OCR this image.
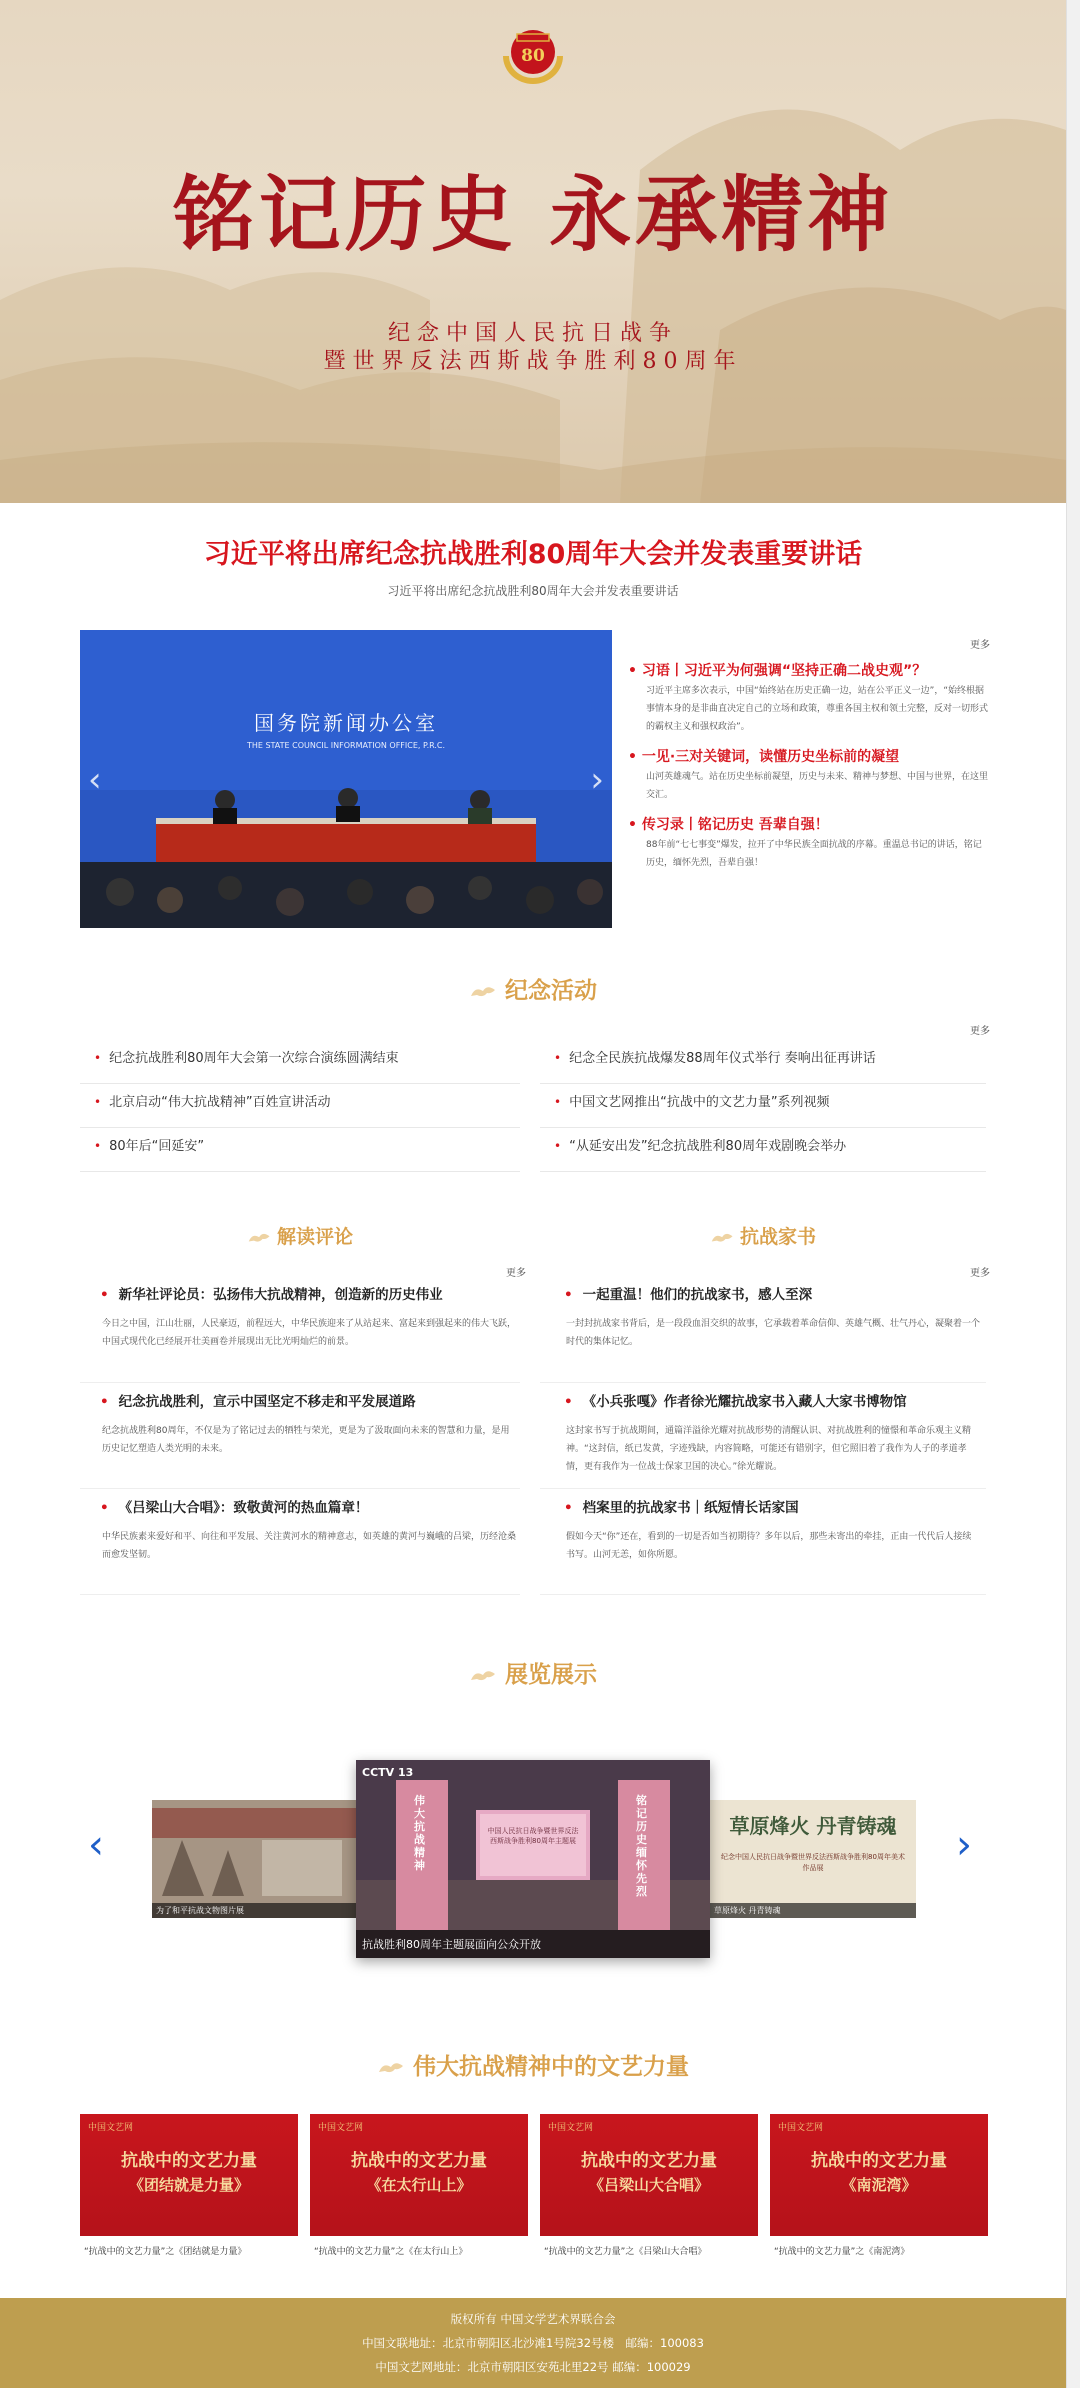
80
铭记历史 永承精神
纪念中国人民抗日战争
暨世界反法西斯战争胜利80周年
习近平将出席纪念抗战胜利80周年大会并发表重要讲话
习近平将出席纪念抗战胜利80周年大会并发表重要讲话
国务院新闻办公室
THE STATE COUNCIL INFORMATION OFFICE, P.R.C.
‹	›
更多
• 习语丨习近平为何强调“坚持正确二战史观”？

习近平主席多次表示，中国“始终站在历史正确一边，站在公平正义一边”，“始终根据事情本身的是非曲直决定自己的立场和政策，尊重各国主权和领土完整，反对一切形式的霸权主义和强权政治”。

• 一见·三对关键词，读懂历史坐标前的凝望

山河英雄魂气。站在历史坐标前凝望，历史与未来、精神与梦想、中国与世界，在这里交汇。

• 传习录丨铭记历史 吾辈自强！

88年前“七七事变”爆发，拉开了中华民族全面抗战的序幕。重温总书记的讲话，铭记历史，缅怀先烈，吾辈自强！

纪念活动
更多
• 纪念抗战胜利80周年大会第一次综合演练圆满结束	• 纪念全民族抗战爆发88周年仪式举行 奏响出征再讲话
• 北京启动“伟大抗战精神”百姓宣讲活动	• 中国文艺网推出“抗战中的文艺力量”系列视频
• 80年后“回延安”	• “从延安出发”纪念抗战胜利80周年戏剧晚会举办
解读评论
更多
• 新华社评论员：弘扬伟大抗战精神，创造新的历史伟业

今日之中国，江山壮丽，人民豪迈，前程远大，中华民族迎来了从站起来、富起来到强起来的伟大飞跃，中国式现代化已经展开壮美画卷并展现出无比光明灿烂的前景。

• 纪念抗战胜利，宣示中国坚定不移走和平发展道路

纪念抗战胜利80周年，不仅是为了铭记过去的牺牲与荣光，更是为了汲取面向未来的智慧和力量，是用历史记忆塑造人类光明的未来。

• 《吕梁山大合唱》：致敬黄河的热血篇章！

中华民族素来爱好和平、向往和平发展、关注黄河水的精神意志，如英雄的黄河与巍峨的吕梁，历经沧桑而愈发坚韧。

抗战家书
更多
• 一起重温！他们的抗战家书，感人至深

一封封抗战家书背后，是一段段血泪交织的故事，它承载着革命信仰、英雄气概、壮气丹心，凝聚着一个时代的集体记忆。

• 《小兵张嘎》作者徐光耀抗战家书入藏人大家书博物馆

这封家书写于抗战期间，通篇洋溢徐光耀对抗战形势的清醒认识、对抗战胜利的憧憬和革命乐观主义精神。“这封信，纸已发黄，字迹残缺，内容简略，可能还有错别字，但它照旧着了我作为人子的孝道孝情，更有我作为一位战士保家卫国的决心。”徐光耀说。

• 档案里的抗战家书｜纸短情长话家国

假如今天“你”还在，看到的一切是否如当初期待？多年以后，那些未寄出的牵挂，正由一代代后人接续书写。山河无恙，如你所愿。

展览展示
‹	›
为了和平抗战文物图片展
草原烽火 丹青铸魂
纪念中国人民抗日战争暨世界反法西斯战争胜利80周年美术作品展
草原烽火 丹青铸魂
CCTV 13
伟大抗战精神
铭记历史缅怀先烈
中国人民抗日战争暨世界反法西斯战争胜利80周年主题展
抗战胜利80周年主题展面向公众开放
伟大抗战精神中的文艺力量
中国文艺网
抗战中的文艺力量
《团结就是力量》
中国文艺网
抗战中的文艺力量
《在太行山上》
中国文艺网
抗战中的文艺力量
《吕梁山大合唱》
中国文艺网
抗战中的文艺力量
《南泥湾》
“抗战中的文艺力量”之《团结就是力量》	“抗战中的文艺力量”之《在太行山上》	“抗战中的文艺力量”之《吕梁山大合唱》	“抗战中的文艺力量”之《南泥湾》
版权所有 中国文学艺术界联合会
中国文联地址：北京市朝阳区北沙滩1号院32号楼　邮编：100083
中国文艺网地址：北京市朝阳区安苑北里22号 邮编：100029
